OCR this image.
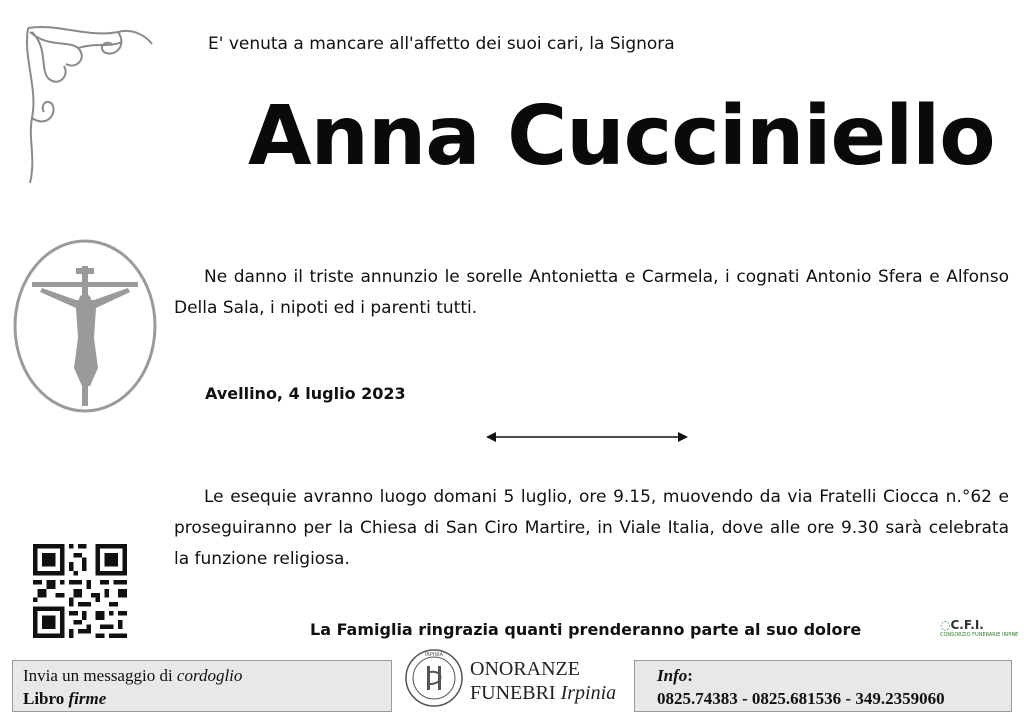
E' venuta a mancare all'affetto dei suoi cari, la Signora
Anna Cucciniello
Ne danno il triste annunzio le sorelle Antonietta e Carmela, i cognati Antonio Sfera e Alfonso Della Sala, i nipoti ed i parenti tutti.
Avellino, 4 luglio 2023
Le esequie avranno luogo domani 5 luglio, ore 9.15, muovendo da via Fratelli Ciocca n.°62 e proseguiranno per la Chiesa di San Ciro Martire, in Viale Italia, dove alle ore 9.30 sarà celebrata la funzione religiosa.
La Famiglia ringrazia quanti prenderanno parte al suo dolore	◌C.F.I.
CONSORZIO FUNERARIE IRPINE
Invia un messaggio di cordoglio
Libro firme
IRPINIA
ONORANZE
FUNEBRI Irpinia
Info:
0825.74383 - 0825.681536 - 349.2359060
